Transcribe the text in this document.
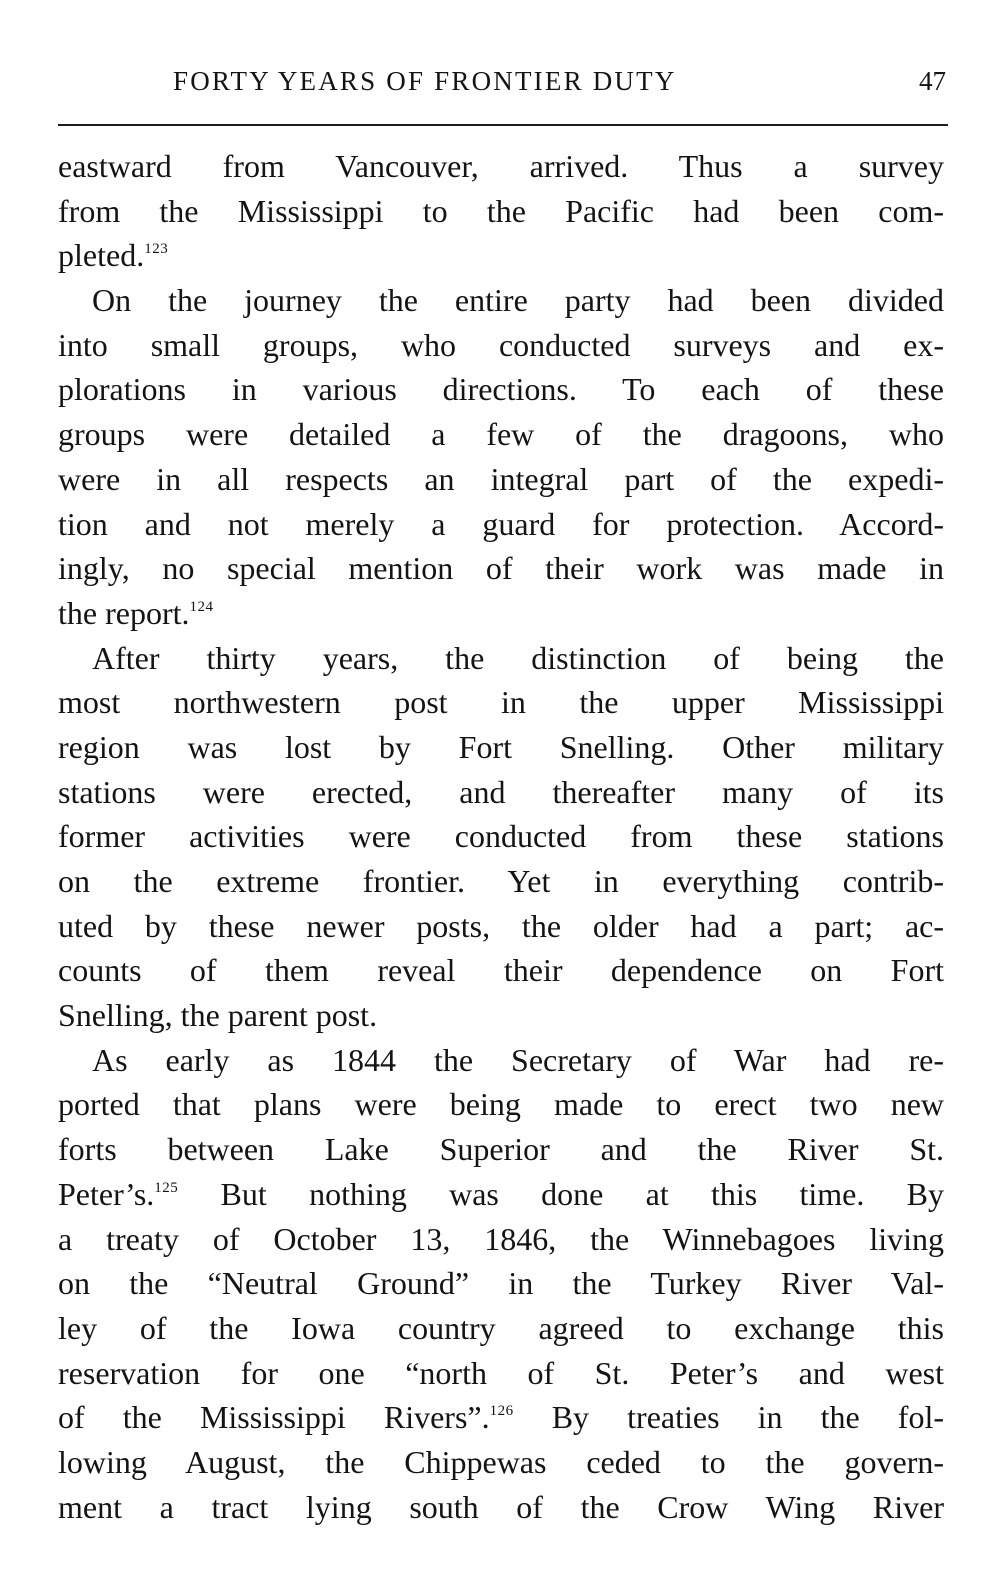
FORTY YEARS OF FRONTIER DUTY	47
eastward from Vancouver, arrived. Thus a survey
from the Mississippi to the Pacific had been com-
pleted.$^{123}$
On the journey the entire party had been divided
into small groups, who conducted surveys and ex-
plorations in various directions. To each of these
groups were detailed a few of the dragoons, who
were in all respects an integral part of the expedi-
tion and not merely a guard for protection. Accord-
ingly, no special mention of their work was made in
the report.$^{124}$
After thirty years, the distinction of being the
most northwestern post in the upper Mississippi
region was lost by Fort Snelling. Other military
stations were erected, and thereafter many of its
former activities were conducted from these stations
on the extreme frontier. Yet in everything contrib-
uted by these newer posts, the older had a part; ac-
counts of them reveal their dependence on Fort
Snelling, the parent post.
As early as 1844 the Secretary of War had re-
ported that plans were being made to erect two new
forts between Lake Superior and the River St.
Peter’s.$^{125}$ But nothing was done at this time. By
a treaty of October 13, 1846, the Winnebagoes living
on the “Neutral Ground” in the Turkey River Val-
ley of the Iowa country agreed to exchange this
reservation for one “north of St. Peter’s and west
of the Mississippi Rivers”.$^{126}$ By treaties in the fol-
lowing August, the Chippewas ceded to the govern-
ment a tract lying south of the Crow Wing River
